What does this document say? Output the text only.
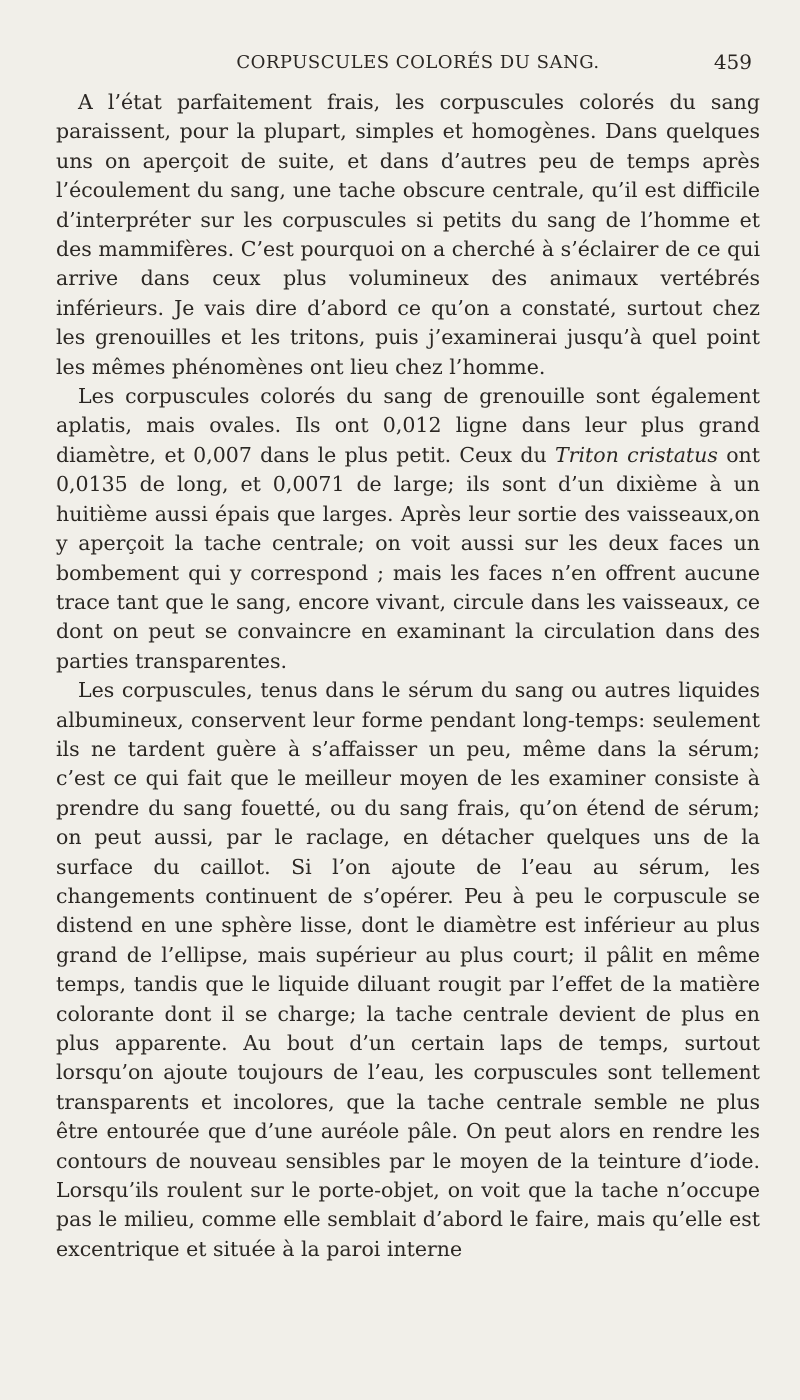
CORPUSCULES COLORÉS DU SANG.	459

A l’état parfaitement frais, les corpuscules colorés du sang paraissent, pour la plupart, simples et homogènes. Dans quelques uns on aperçoit de suite, et dans d’autres peu de temps après l’écoulement du sang, une tache obscure centrale, qu’il est difficile d’interpréter sur les corpuscules si petits du sang de l’homme et des mammifères. C’est pourquoi on a cherché à s’éclairer de ce qui arrive dans ceux plus volumineux des animaux vertébrés inférieurs. Je vais dire d’abord ce qu’on a constaté, surtout chez les grenouilles et les tritons, puis j’examinerai jusqu’à quel point les mêmes phénomènes ont lieu chez l’homme.

Les corpuscules colorés du sang de grenouille sont également aplatis, mais ovales. Ils ont 0,012 ligne dans leur plus grand diamètre, et 0,007 dans le plus petit. Ceux du Triton cristatus ont 0,0135 de long, et 0,0071 de large; ils sont d’un dixième à un huitième aussi épais que larges. Après leur sortie des vaisseaux,on y aperçoit la tache centrale; on voit aussi sur les deux faces un bombement qui y correspond ; mais les faces n’en offrent aucune trace tant que le sang, encore vivant, circule dans les vaisseaux, ce dont on peut se convaincre en examinant la circulation dans des parties transparentes.

Les corpuscules, tenus dans le sérum du sang ou autres liquides albumineux, conservent leur forme pendant long-temps: seulement ils ne tardent guère à s’affaisser un peu, même dans la sérum; c’est ce qui fait que le meilleur moyen de les examiner consiste à prendre du sang fouetté, ou du sang frais, qu’on étend de sérum; on peut aussi, par le raclage, en détacher quelques uns de la surface du caillot. Si l’on ajoute de l’eau au sérum, les changements continuent de s’opérer. Peu à peu le corpuscule se distend en une sphère lisse, dont le diamètre est inférieur au plus grand de l’ellipse, mais supérieur au plus court; il pâlit en même temps, tandis que le liquide diluant rougit par l’effet de la matière colorante dont il se charge; la tache centrale devient de plus en plus apparente. Au bout d’un certain laps de temps, surtout lorsqu’on ajoute toujours de l’eau, les corpuscules sont tellement transparents et incolores, que la tache centrale semble ne plus être entourée que d’une auréole pâle. On peut alors en rendre les contours de nouveau sensibles par le moyen de la teinture d’iode. Lorsqu’ils roulent sur le porte-objet, on voit que la tache n’occupe pas le milieu, comme elle semblait d’abord le faire, mais qu’elle est excentrique et située à la paroi interne
